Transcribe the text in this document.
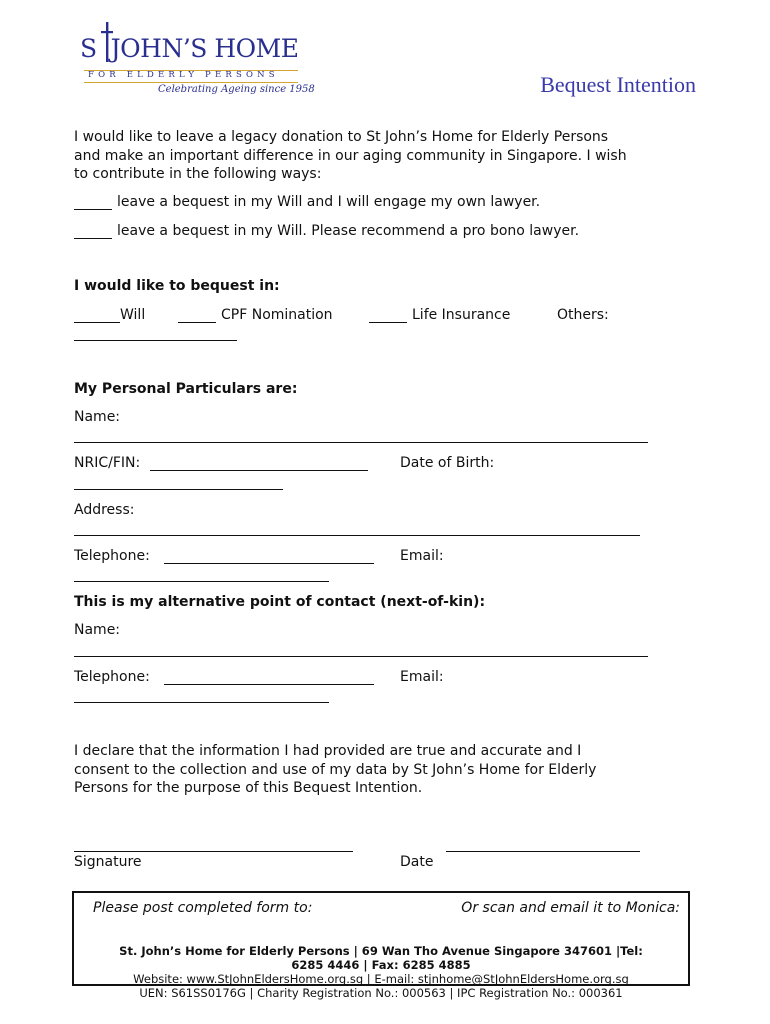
S JOHN’S HOME
FOR ELDERLY PERSONS
Celebrating Ageing since 1958	Bequest Intention
I would like to leave a legacy donation to St John’s Home for Elderly Persons
and make an important difference in our aging community in Singapore. I wish
to contribute in the following ways:
leave a bequest in my Will and I will engage my own lawyer.
leave a bequest in my Will. Please recommend a pro bono lawyer.
I would like to bequest in:
Will	CPF Nomination	Life Insurance	Others:
My Personal Particulars are:
Name:
NRIC/FIN:	Date of Birth:
Address:
Telephone:	Email:
This is my alternative point of contact (next-of-kin):
Name:
Telephone:	Email:
I declare that the information I had provided are true and accurate and I
consent to the collection and use of my data by St John’s Home for Elderly
Persons for the purpose of this Bequest Intention.
Signature	Date
Please post completed form to:	Or scan and email it to Monica:
St. John’s Home for Elderly Persons | 69 Wan Tho Avenue Singapore 347601 |Tel:
6285 4446 | Fax: 6285 4885
Website: www.StJohnEldersHome.org.sg | E-mail: stjnhome@StJohnEldersHome.org.sg
UEN: S61SS0176G | Charity Registration No.: 000563 | IPC Registration No.: 000361
